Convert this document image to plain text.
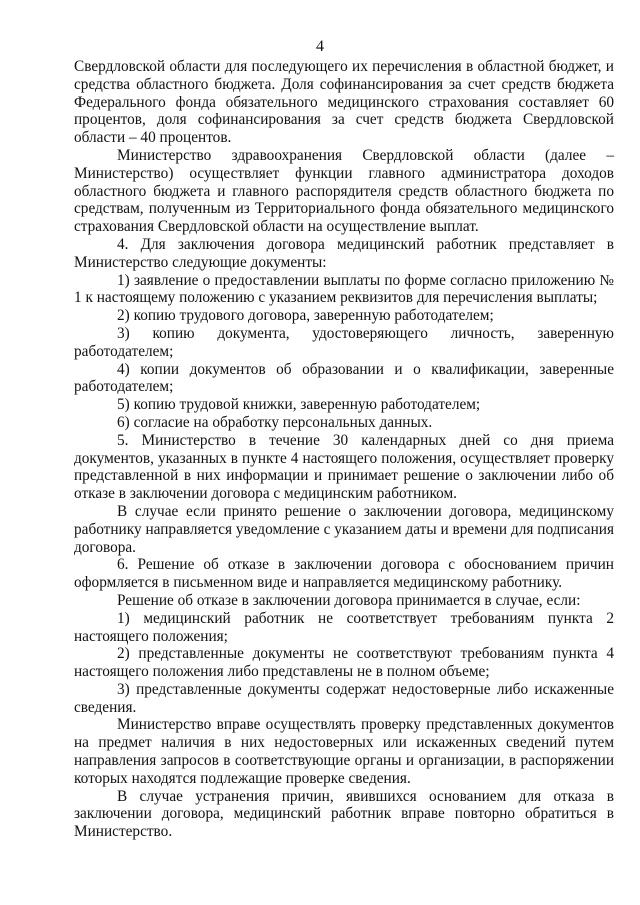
4

Свердловской области для последующего их перечисления в областной бюджет, и средства областного бюджета. Доля софинансирования за счет средств бюджета Федерального фонда обязательного медицинского страхования составляет 60 процентов, доля софинансирования за счет средств бюджета Свердловской области – 40 процентов.

Министерство здравоохранения Свердловской области (далее – Министерство) осуществляет функции главного администратора доходов областного бюджета и главного распорядителя средств областного бюджета по средствам, полученным из Территориального фонда обязательного медицинского страхования Свердловской области на осуществление выплат.

4. Для заключения договора медицинский работник представляет в Министерство следующие документы:

1) заявление о предоставлении выплаты по форме согласно приложению № 1 к настоящему положению с указанием реквизитов для перечисления выплаты;

2) копию трудового договора, заверенную работодателем;

3) копию документа, удостоверяющего личность, заверенную работодателем;

4) копии документов об образовании и о квалификации, заверенные работодателем;

5) копию трудовой книжки, заверенную работодателем;

6) согласие на обработку персональных данных.

5. Министерство в течение 30 календарных дней со дня приема документов, указанных в пункте 4 настоящего положения, осуществляет проверку представленной в них информации и принимает решение о заключении либо об отказе в заключении договора с медицинским работником.

В случае если принято решение о заключении договора, медицинскому работнику направляется уведомление с указанием даты и времени для подписания договора.

6. Решение об отказе в заключении договора с обоснованием причин оформляется в письменном виде и направляется медицинскому работнику.

Решение об отказе в заключении договора принимается в случае, если:

1) медицинский работник не соответствует требованиям пункта 2 настоящего положения;

2) представленные документы не соответствуют требованиям пункта 4 настоящего положения либо представлены не в полном объеме;

3) представленные документы содержат недостоверные либо искаженные сведения.

Министерство вправе осуществлять проверку представленных документов на предмет наличия в них недостоверных или искаженных сведений путем направления запросов в соответствующие органы и организации, в распоряжении которых находятся подлежащие проверке сведения.

В случае устранения причин, явившихся основанием для отказа в заключении договора, медицинский работник вправе повторно обратиться в Министерство.
